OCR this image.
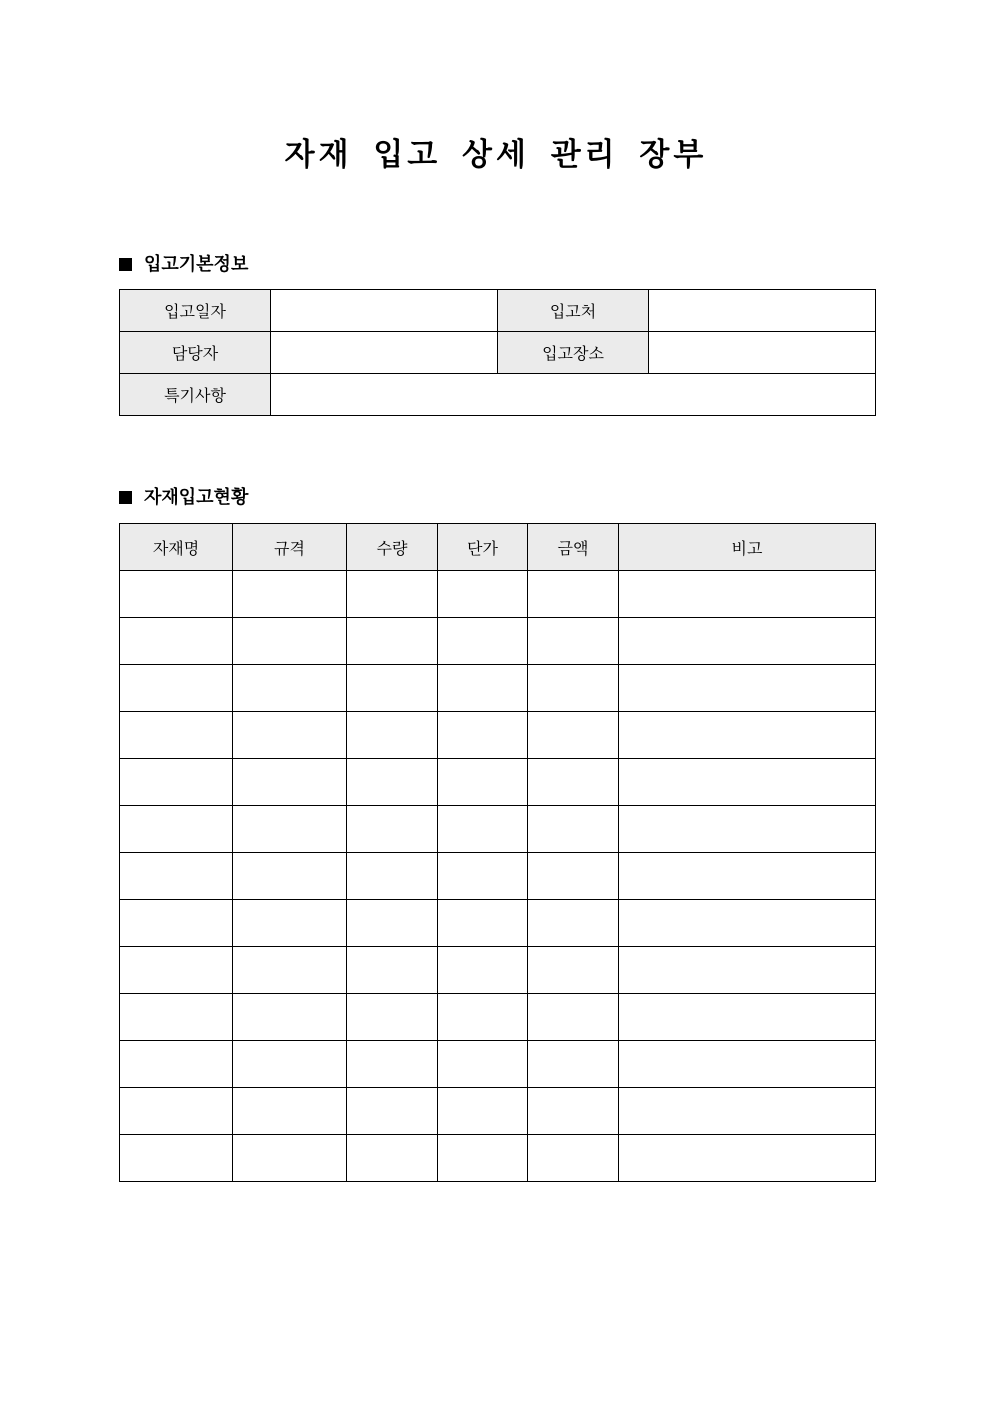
자재 입고 상세 관리 장부
입고기본정보
입고일자		입고처	
담당자		입고장소	
특기사항			
자재입고현황
자재명	규격	수량	단가	금액	비고
